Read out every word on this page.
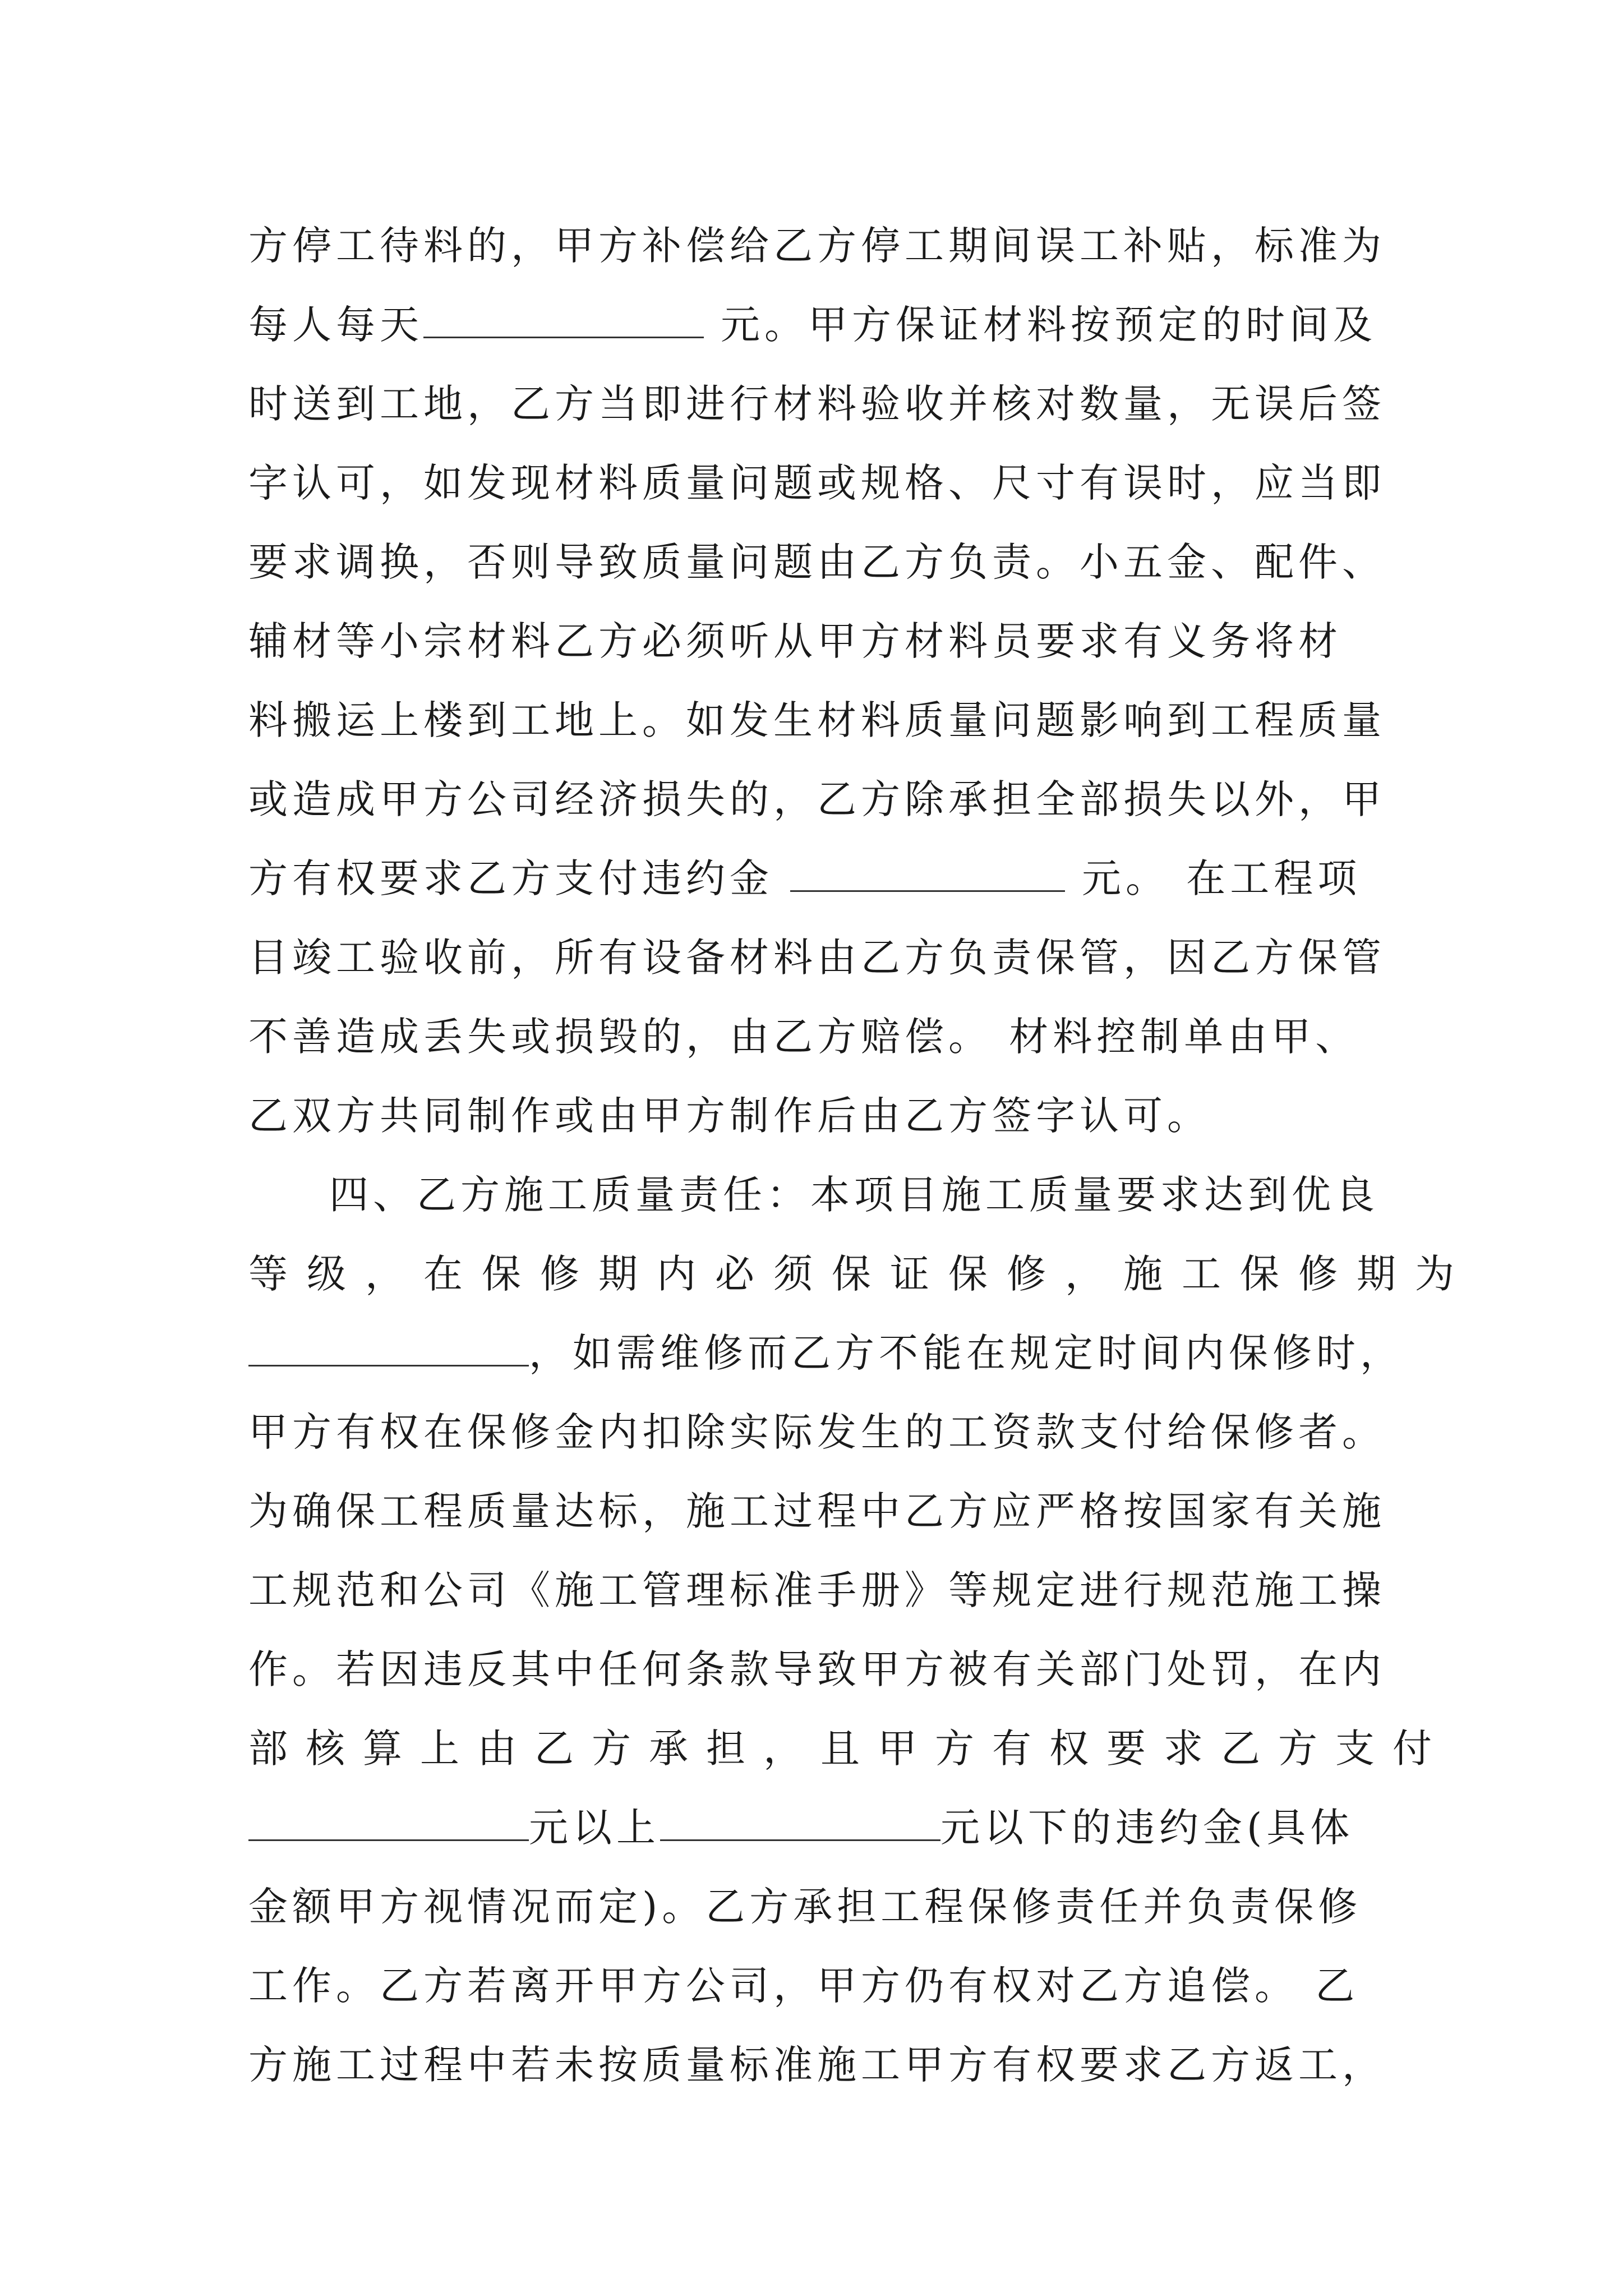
方停工待料的，甲方补偿给乙方停工期间误工补贴，标准为
每人每天	元。甲方保证材料按预定的时间及
时送到工地，乙方当即进行材料验收并核对数量，无误后签
字认可，如发现材料质量问题或规格、尺寸有误时，应当即
要求调换，否则导致质量问题由乙方负责。小五金、配件、
辅材等小宗材料乙方必须听从甲方材料员要求有义务将材
料搬运上楼到工地上。如发生材料质量问题影响到工程质量
或造成甲方公司经济损失的，乙方除承担全部损失以外，甲
方有权要求乙方支付违约金	元。 在工程项
目竣工验收前，所有设备材料由乙方负责保管，因乙方保管
不善造成丢失或损毁的，由乙方赔偿。 材料控制单由甲、
乙双方共同制作或由甲方制作后由乙方签字认可。
四、乙方施工质量责任：本项目施工质量要求达到优良
等级，在保修期内必须保证保修，施工保修期为
，如需维修而乙方不能在规定时间内保修时，
甲方有权在保修金内扣除实际发生的工资款支付给保修者。
为确保工程质量达标，施工过程中乙方应严格按国家有关施
工规范和公司《施工管理标准手册》等规定进行规范施工操
作。若因违反其中任何条款导致甲方被有关部门处罚，在内
部核算上由乙方承担，且甲方有权要求乙方支付
元以上	元以下的违约金(具体
金额甲方视情况而定)。乙方承担工程保修责任并负责保修
工作。乙方若离开甲方公司，甲方仍有权对乙方追偿。 乙
方施工过程中若未按质量标准施工甲方有权要求乙方返工，
